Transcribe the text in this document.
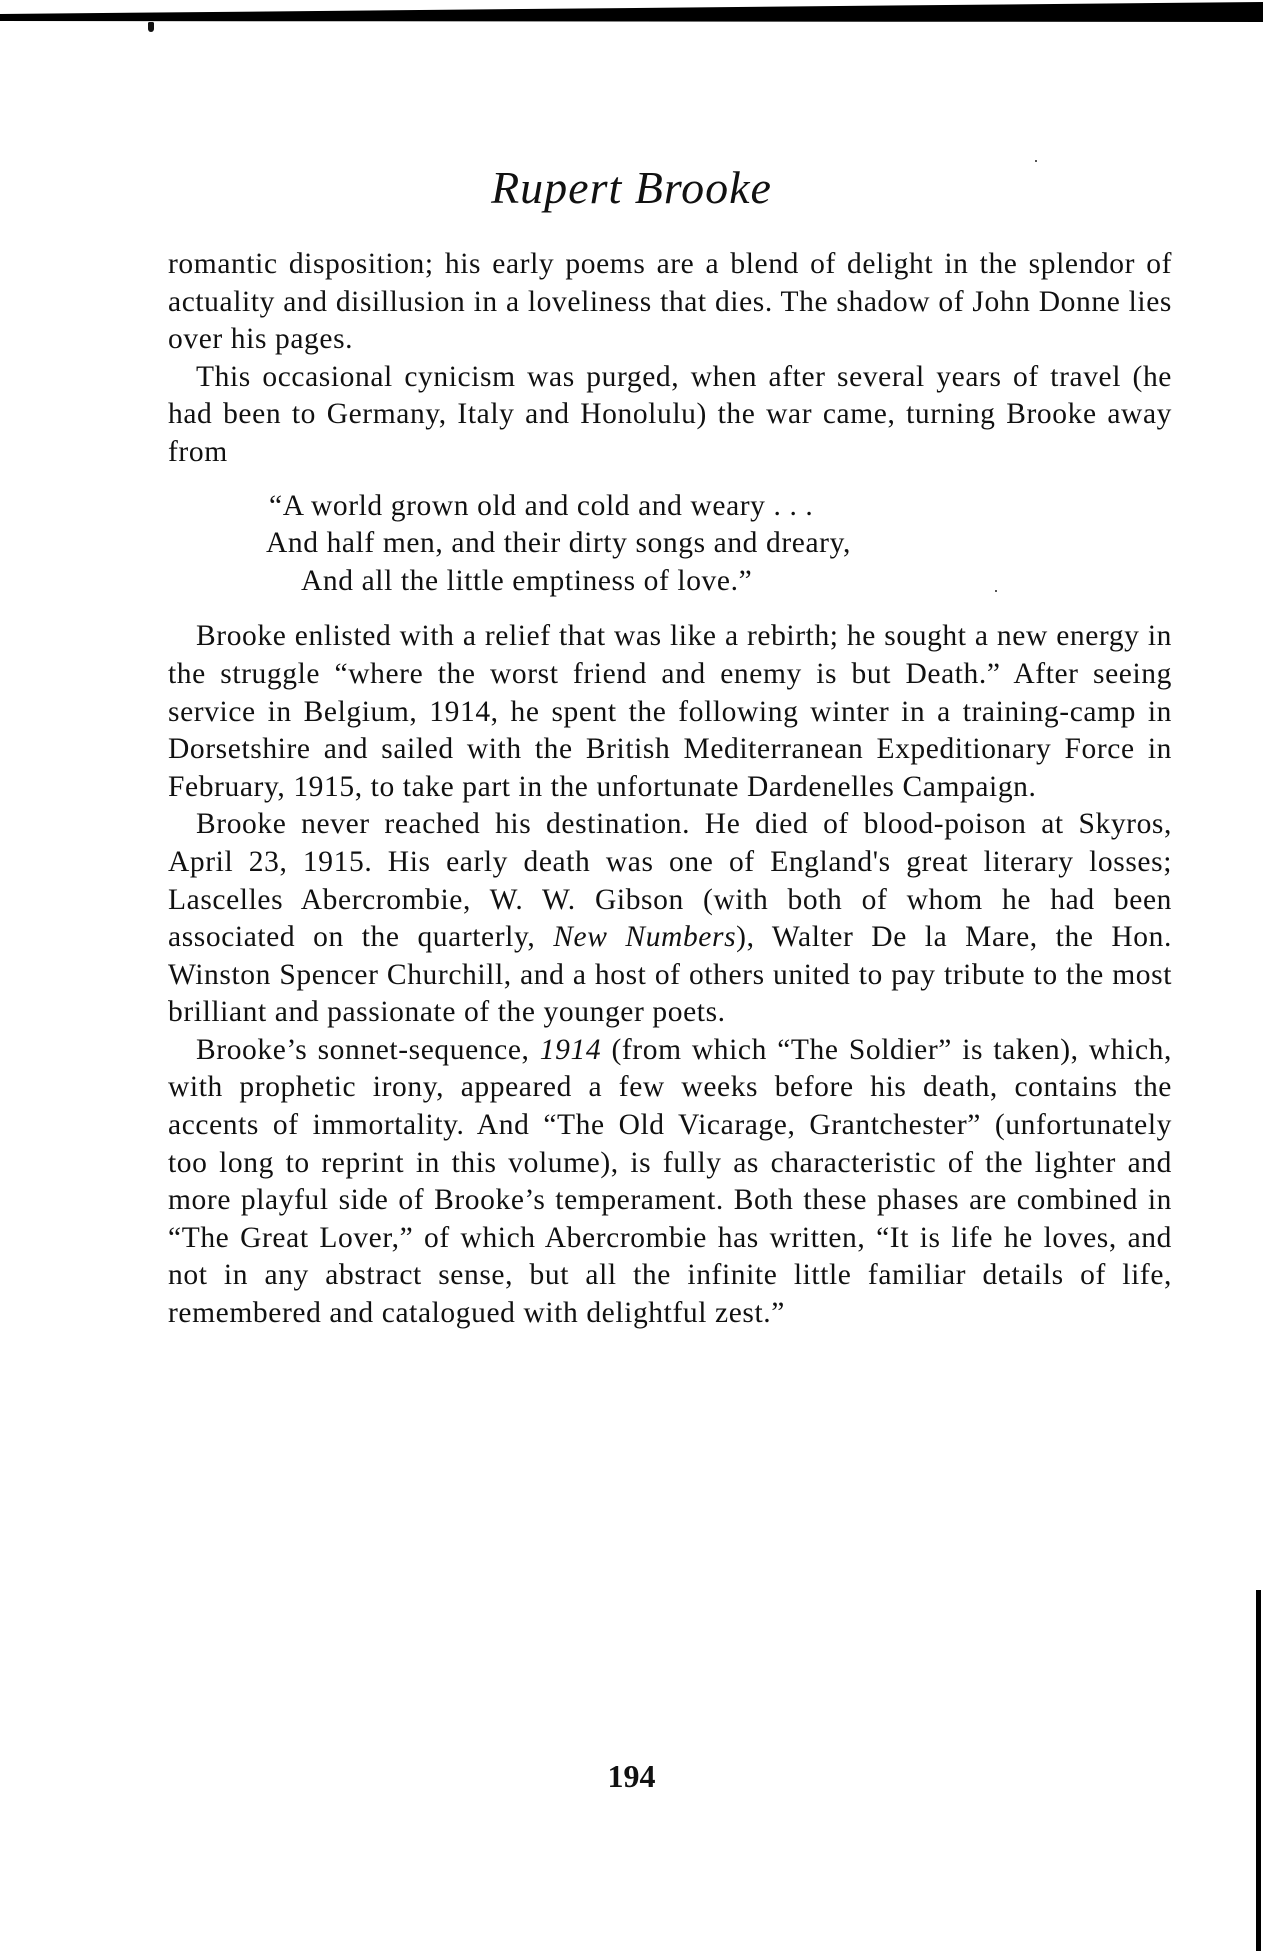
Rupert Brooke

romantic disposition; his early poems are a blend of delight in the splendor of actuality and disillusion in a loveliness that dies. The shadow of John Donne lies over his pages.

This occasional cynicism was purged, when after several years of travel (he had been to Germany, Italy and Honolulu) the war came, turning Brooke away from

“A world grown old and cold and weary . . .
And half men, and their dirty songs and dreary,
And all the little emptiness of love.”

Brooke enlisted with a relief that was like a rebirth; he sought a new energy in the struggle “where the worst friend and enemy is but Death.” After seeing service in Belgium, 1914, he spent the following winter in a training-camp in Dorsetshire and sailed with the British Mediterranean Expeditionary Force in February, 1915, to take part in the unfortunate Dardenelles Campaign.

Brooke never reached his destination. He died of blood-poison at Skyros, April 23, 1915. His early death was one of England's great literary losses; Lascelles Abercrombie, W. W. Gibson (with both of whom he had been associated on the quarterly, New Numbers), Walter De la Mare, the Hon. Winston Spencer Churchill, and a host of others united to pay tribute to the most brilliant and passionate of the younger poets.

Brooke’s sonnet-sequence, 1914 (from which “The Soldier” is taken), which, with prophetic irony, appeared a few weeks before his death, contains the accents of immortality. And “The Old Vicarage, Grantchester” (unfortunately too long to reprint in this volume), is fully as characteristic of the lighter and more playful side of Brooke’s temperament. Both these phases are combined in “The Great Lover,” of which Abercrombie has written, “It is life he loves, and not in any abstract sense, but all the infinite little familiar details of life, remembered and catalogued with delightful zest.”

194
